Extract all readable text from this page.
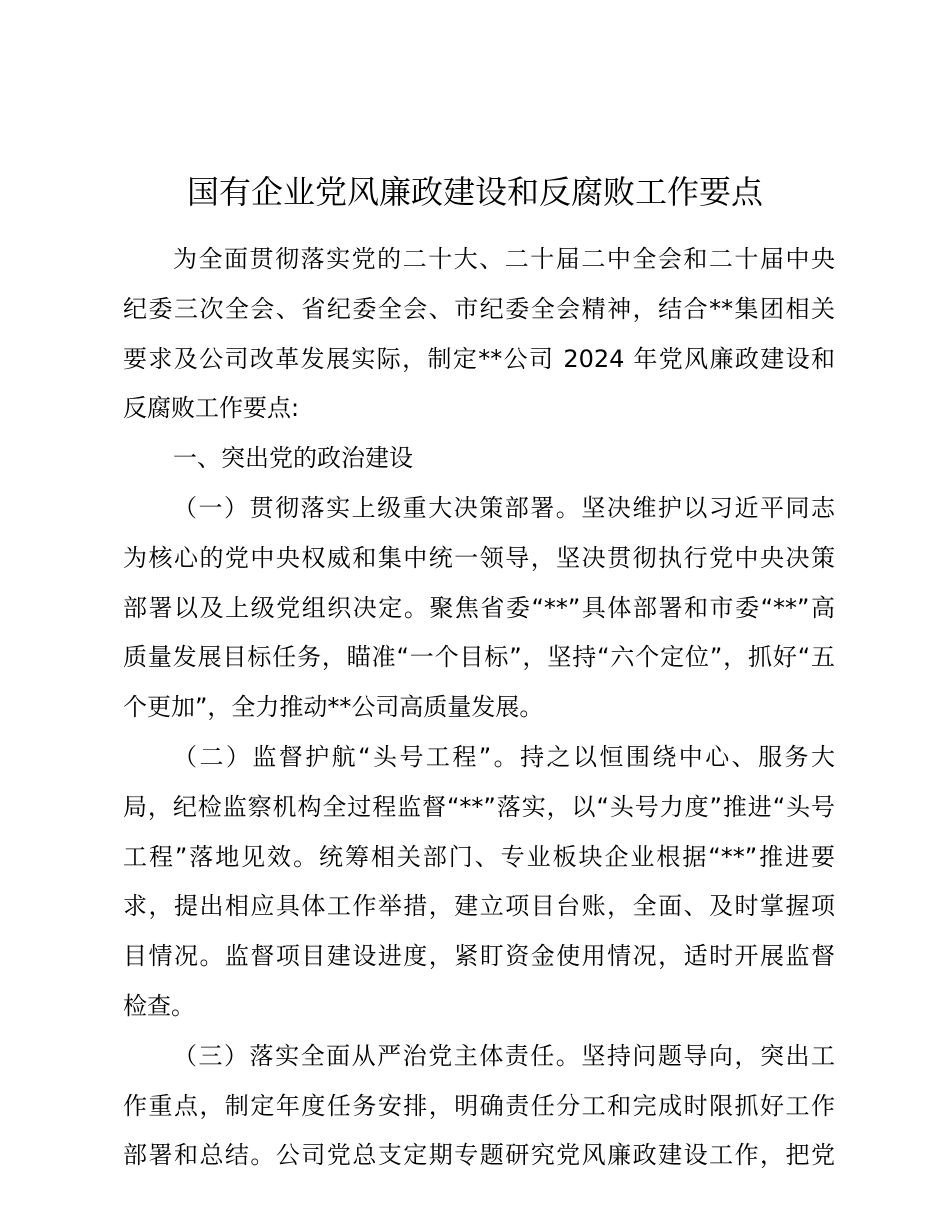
国有企业党风廉政建设和反腐败工作要点
为全面贯彻落实党的二十大、二十届二中全会和二十届中央
纪委三次全会、省纪委全会、市纪委全会精神，结合**集团相关
要求及公司改革发展实际，制定**公司 2024 年党风廉政建设和
反腐败工作要点:
一、突出党的政治建设
（一）贯彻落实上级重大决策部署。坚决维护以习近平同志
为核心的党中央权威和集中统一领导，坚决贯彻执行党中央决策
部署以及上级党组织决定。聚焦省委“**”具体部署和市委“**”高
质量发展目标任务，瞄准“一个目标”，坚持“六个定位”，抓好“五
个更加”，全力推动**公司高质量发展。
（二）监督护航“头号工程”。持之以恒围绕中心、服务大
局，纪检监察机构全过程监督“**”落实，以“头号力度”推进“头号
工程”落地见效。统筹相关部门、专业板块企业根据“**”推进要
求，提出相应具体工作举措，建立项目台账，全面、及时掌握项
目情况。监督项目建设进度，紧盯资金使用情况，适时开展监督
检查。
（三）落实全面从严治党主体责任。坚持问题导向，突出工
作重点，制定年度任务安排，明确责任分工和完成时限抓好工作
部署和总结。公司党总支定期专题研究党风廉政建设工作，把党
